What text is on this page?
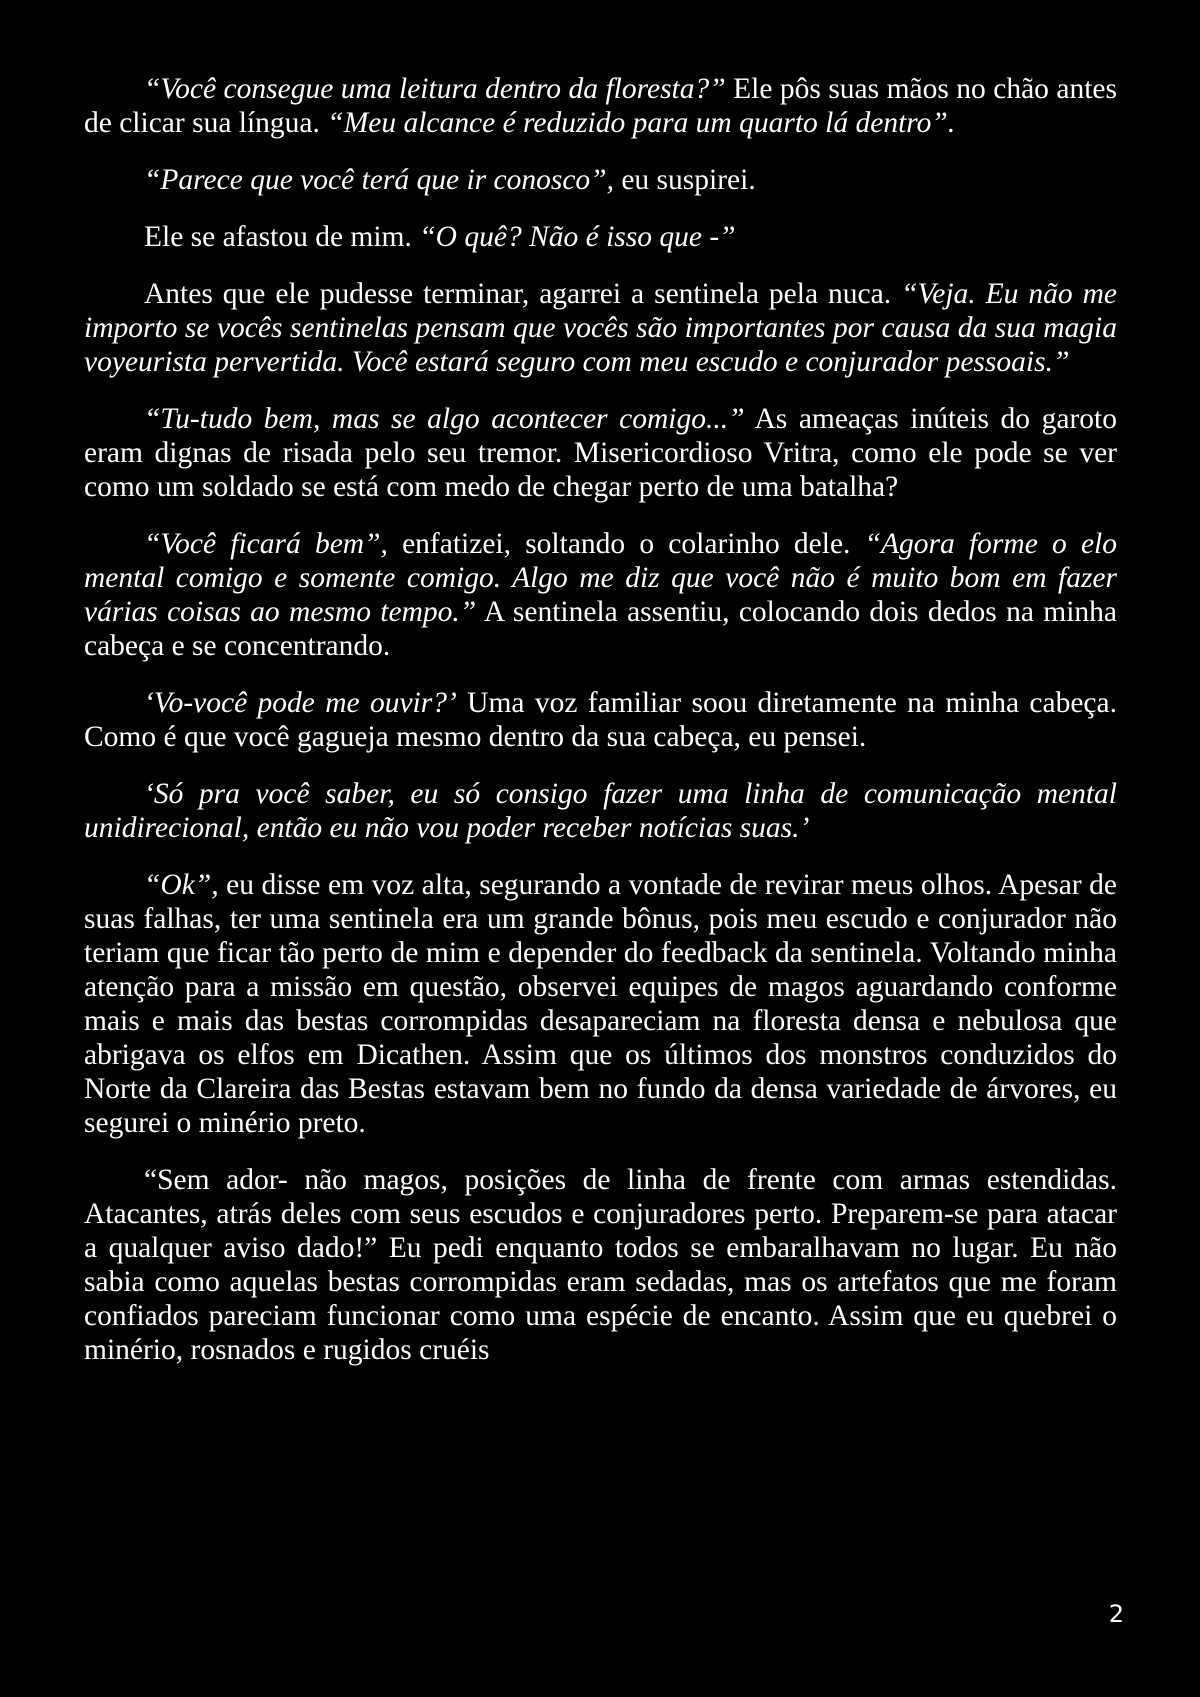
“Você consegue uma leitura dentro da floresta?” Ele pôs suas mãos no chão antes de clicar sua língua. “Meu alcance é reduzido para um quarto lá dentro”.

“Parece que você terá que ir conosco”, eu suspirei.

Ele se afastou de mim. “O quê? Não é isso que -”

Antes que ele pudesse terminar, agarrei a sentinela pela nuca. “Veja. Eu não me importo se vocês sentinelas pensam que vocês são importantes por causa da sua magia voyeurista pervertida. Você estará seguro com meu escudo e conjurador pessoais.”

“Tu-tudo bem, mas se algo acontecer comigo...” As ameaças inúteis do garoto eram dignas de risada pelo seu tremor. Misericordioso Vritra, como ele pode se ver como um soldado se está com medo de chegar perto de uma batalha?

“Você ficará bem”, enfatizei, soltando o colarinho dele. “Agora forme o elo mental comigo e somente comigo. Algo me diz que você não é muito bom em fazer várias coisas ao mesmo tempo.” A sentinela assentiu, colocando dois dedos na minha cabeça e se concentrando.

‘Vo-você pode me ouvir?’ Uma voz familiar soou diretamente na minha cabeça. Como é que você gagueja mesmo dentro da sua cabeça, eu pensei.

‘Só pra você saber, eu só consigo fazer uma linha de comunicação mental unidirecional, então eu não vou poder receber notícias suas.’

“Ok”, eu disse em voz alta, segurando a vontade de revirar meus olhos. Apesar de suas falhas, ter uma sentinela era um grande bônus, pois meu escudo e conjurador não teriam que ficar tão perto de mim e depender do feedback da sentinela. Voltando minha atenção para a missão em questão, observei equipes de magos aguardando conforme mais e mais das bestas corrompidas desapareciam na floresta densa e nebulosa que abrigava os elfos em Dicathen. Assim que os últimos dos monstros conduzidos do Norte da Clareira das Bestas estavam bem no fundo da densa variedade de árvores, eu segurei o minério preto.

“Sem ador- não magos, posições de linha de frente com armas estendidas. Atacantes, atrás deles com seus escudos e conjuradores perto. Preparem-se para atacar a qualquer aviso dado!” Eu pedi enquanto todos se embaralhavam no lugar. Eu não sabia como aquelas bestas corrompidas eram sedadas, mas os artefatos que me foram confiados pareciam funcionar como uma espécie de encanto. Assim que eu quebrei o minério, rosnados e rugidos cruéis

2
